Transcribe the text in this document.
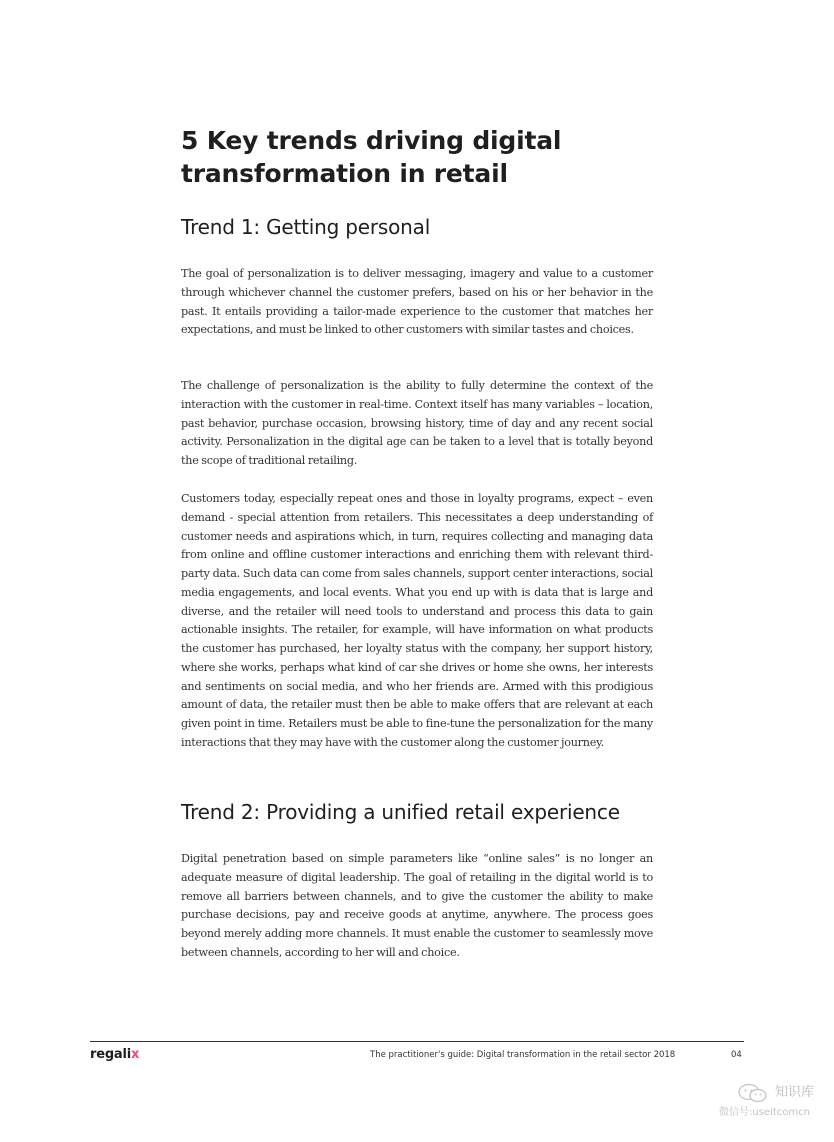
5 Key trends driving digital transformation in retail
Trend 1: Getting personal

The goal of personalization is to deliver messaging, imagery and value to a customer through whichever channel the customer prefers, based on his or her behavior in the past. It entails providing a tailor-made experience to the customer that matches her expectations, and must be linked to other customers with similar tastes and choices.

The challenge of personalization is the ability to fully determine the context of the interaction with the customer in real-time. Context itself has many variables – location, past behavior, purchase occasion, browsing history, time of day and any recent social activity. Personalization in the digital age can be taken to a level that is totally beyond the scope of traditional retailing.

Customers today, especially repeat ones and those in loyalty programs, expect – even demand - special attention from retailers. This necessitates a deep understanding of customer needs and aspirations which, in turn, requires collecting and managing data from online and offline customer interactions and enriching them with relevant third-party data. Such data can come from sales channels, support center interactions, social media engagements, and local events. What you end up with is data that is large and diverse, and the retailer will need tools to understand and process this data to gain actionable insights. The retailer, for example, will have information on what products the customer has purchased, her loyalty status with the company, her support history, where she works, perhaps what kind of car she drives or home she owns, her interests and sentiments on social media, and who her friends are. Armed with this prodigious amount of data, the retailer must then be able to make offers that are relevant at each given point in time. Retailers must be able to fine-tune the personalization for the many interactions that they may have with the customer along the customer journey.

Trend 2: Providing a unified retail experience

Digital penetration based on simple parameters like “online sales” is no longer an adequate measure of digital leadership. The goal of retailing in the digital world is to remove all barriers between channels, and to give the customer the ability to make purchase decisions, pay and receive goods at anytime, anywhere. The process goes beyond merely adding more channels. It must enable the customer to seamlessly move between channels, according to her will and choice.

regalix	The practitioner's guide: Digital transformation in the retail sector 2018	04
知识库
微信号:useitcomcn
